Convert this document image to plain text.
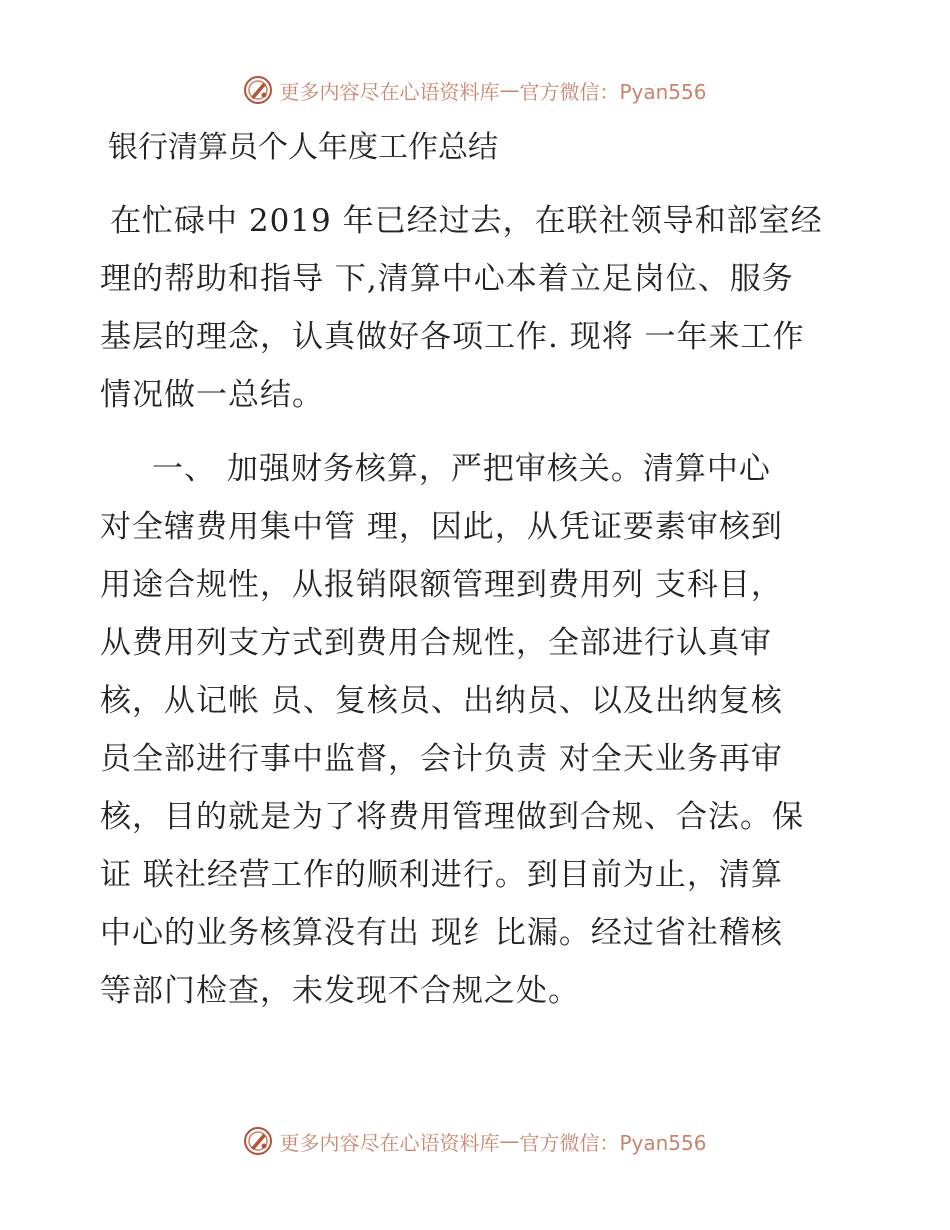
更多内容尽在心语资料库 — 官方微信：Pyan556
银行清算员个人年度工作总结
在忙碌中 2019 年已经过去，在联社领导和部室经
理的帮助和指导 下,清算中心本着立足岗位、服务
基层的理念，认真做好各项工作. 现将 一年来工作
情况做一总结。
一、 加强财务核算，严把审核关。清算中心
对全辖费用集中管 理，因此，从凭证要素审核到
用途合规性，从报销限额管理到费用列 支科目，
从费用列支方式到费用合规性，全部进行认真审
核，从记帐 员、复核员、出纳员、以及出纳复核
员全部进行事中监督，会计负责 对全天业务再审
核，目的就是为了将费用管理做到合规、合法。保
证 联社经营工作的顺利进行。到目前为止，清算
中心的业务核算没有出 现纟比漏。经过省社稽核
等部门检查，未发现不合规之处。
更多内容尽在心语资料库 — 官方微信：Pyan556
